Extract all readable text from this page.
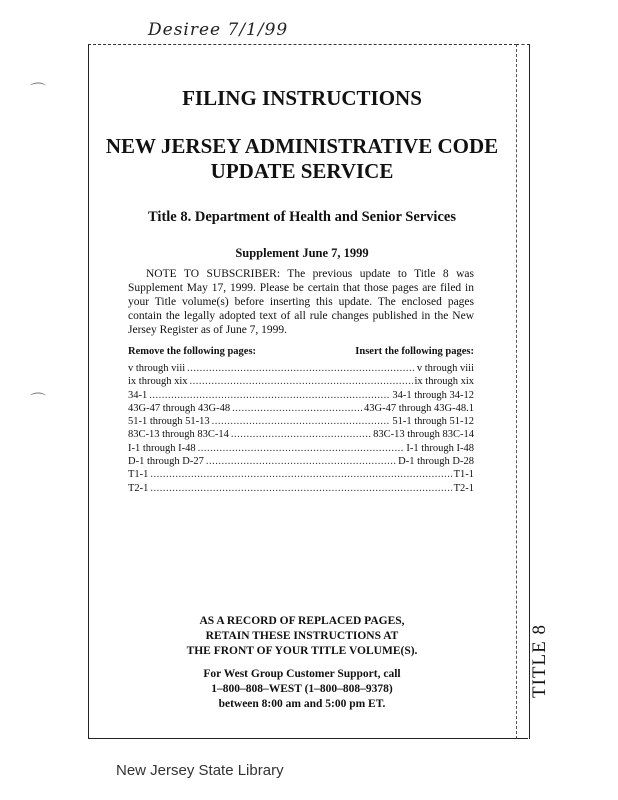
Desiree 7/1/99
TITLE 8
⌒
⌒
FILING INSTRUCTIONS
NEW JERSEY ADMINISTRATIVE CODE
UPDATE SERVICE
Title 8. Department of Health and Senior Services
Supplement June 7, 1999

NOTE TO SUBSCRIBER: The previous update to Title 8 was Supplement May 17, 1999. Please be certain that those pages are filed in your Title volume(s) before inserting this update. The enclosed pages contain the legally adopted text of all rule changes published in the New Jersey Register as of June 7, 1999.

Remove the following pages:	Insert the following pages:
v through viii .....	v through viii
ix through xix .....	ix through xix
34-1 .....	34-1 through 34-12
43G-47 through 43G-48 .....	43G-47 through 43G-48.1
51-1 through 51-13 .....	51-1 through 51-12
83C-13 through 83C-14 .....	83C-13 through 83C-14
I-1 through I-48 .....	I-1 through I-48
D-1 through D-27 .....	D-1 through D-28
T1-1 .....	T1-1
T2-1 .....	T2-1
AS A RECORD OF REPLACED PAGES,
RETAIN THESE INSTRUCTIONS AT
THE FRONT OF YOUR TITLE VOLUME(S).
For West Group Customer Support, call
1–800–808–WEST (1–800–808–9378)
between 8:00 am and 5:00 pm ET.
New Jersey State Library
